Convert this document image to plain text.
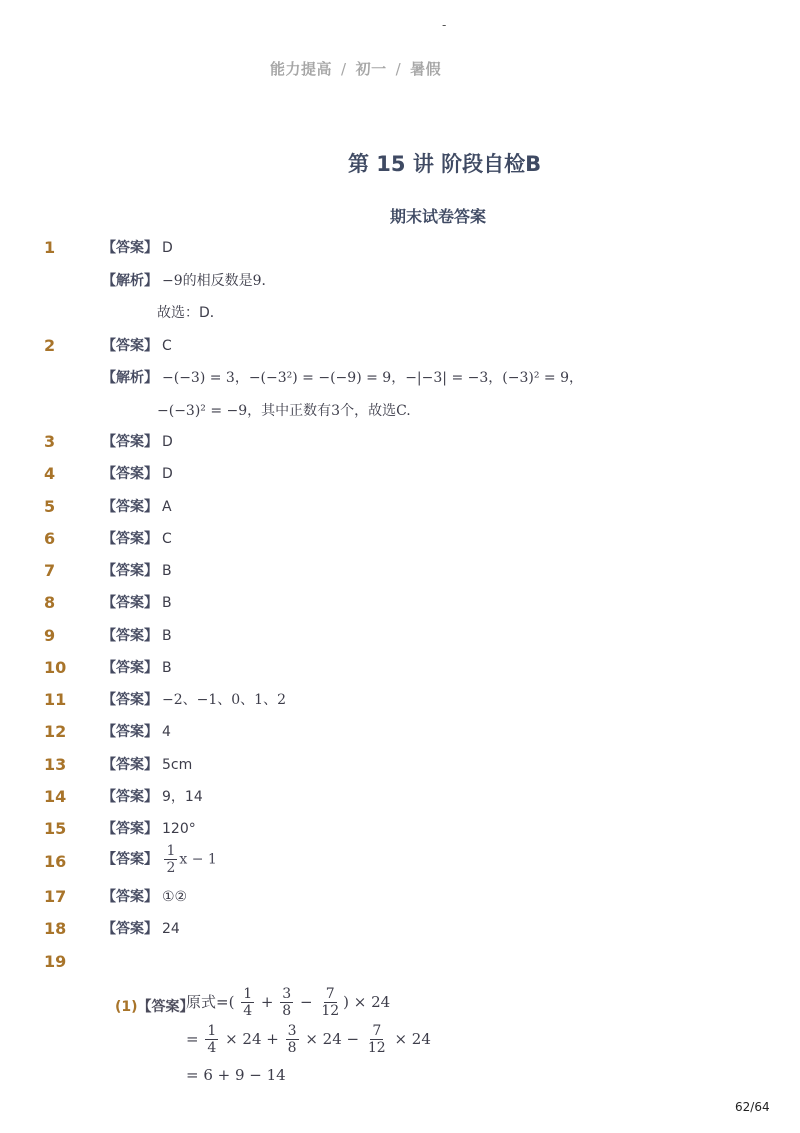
-
能力提高 / 初一 / 暑假
第 15 讲 阶段自检B
期末试卷答案
1	【答案】 D
【解析】 −9的相反数是9．
故选：D．
2	【答案】 C
【解析】 −(−3) = 3，−(−3²) = −(−9) = 9，−|−3| = −3，(−3)² = 9，
−(−3)² = −9，其中正数有3个，故选C.
3	【答案】 D
4	【答案】 D
5	【答案】 A
6	【答案】 C
7	【答案】 B
8	【答案】 B
9	【答案】 B
10	【答案】 B
11	【答案】 −2、−1、0、1、2
12	【答案】 4
13	【答案】 5cm
14	【答案】 9，14
15	【答案】 120°
16	【答案】 $\frac{1}{2}$ x − 1
17	【答案】 ①②
18	【答案】 24
19
(1)【答案】
原式=( $\frac{1}{4} + \frac{3}{8} - \frac{7}{12}$ ) × 24
= $\frac{1}{4} \times 24 + \frac{3}{8} \times 24 - \frac{7}{12} \times 24$
= 6 + 9 − 14
62/64
